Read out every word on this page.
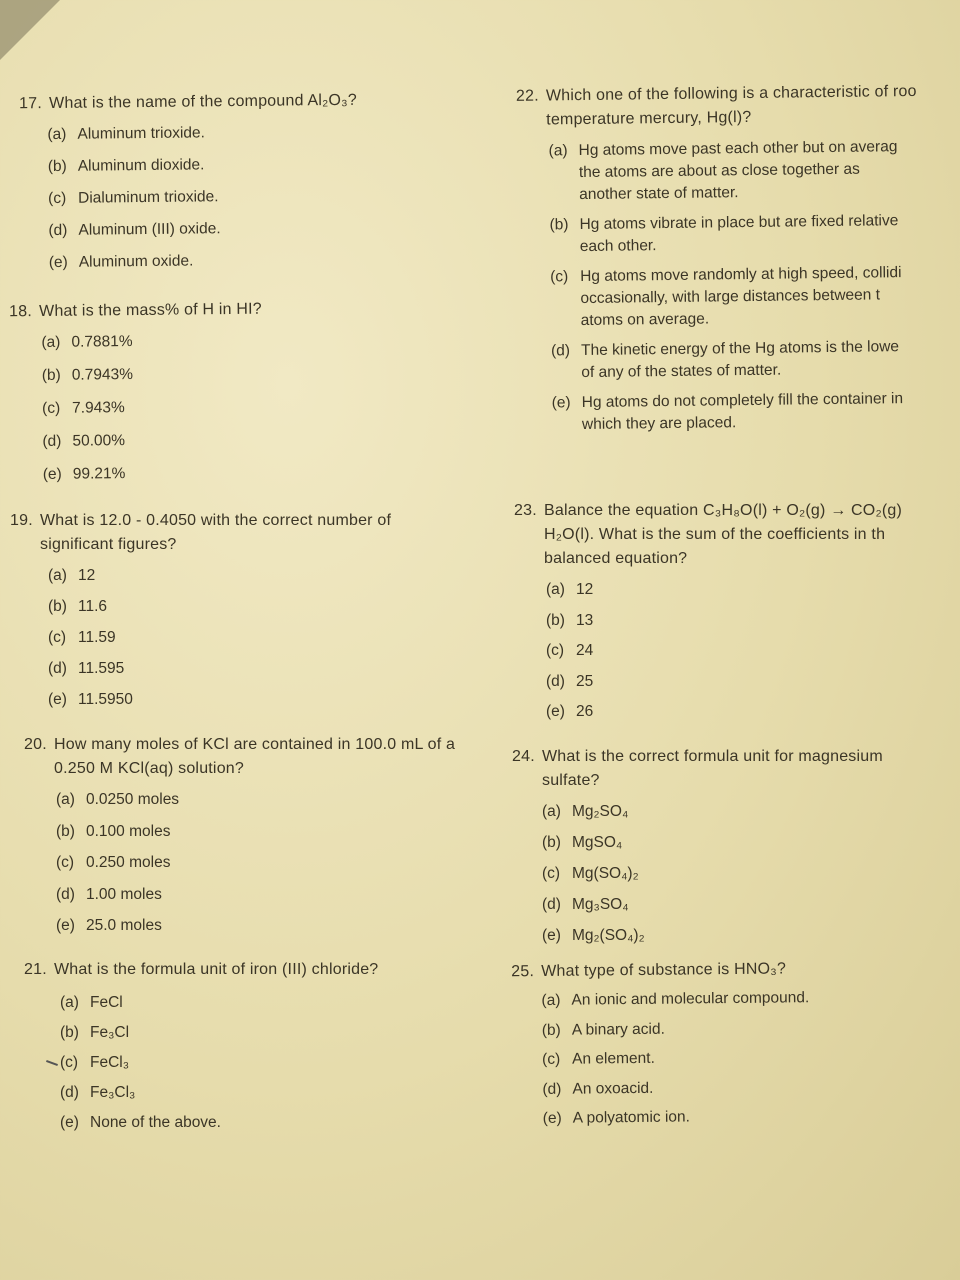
17. What is the name of the compound Al₂O₃?
(a) Aluminum trioxide.
(b) Aluminum dioxide.
(c) Dialuminum trioxide.
(d) Aluminum (III) oxide.
(e) Aluminum oxide.
18. What is the mass% of H in HI?
(a) 0.7881%
(b) 0.7943%
(c) 7.943%
(d) 50.00%
(e) 99.21%
19. What is 12.0 - 0.4050 with the correct number of
significant figures?
(a) 12
(b) 11.6
(c) 11.59
(d) 11.595
(e) 11.5950
20. How many moles of KCl are contained in 100.0 mL of a
0.250 M KCl(aq) solution?
(a) 0.0250 moles
(b) 0.100 moles
(c) 0.250 moles
(d) 1.00 moles
(e) 25.0 moles
21. What is the formula unit of iron (III) chloride?
(a) FeCl
(b) Fe₃Cl
(c) FeCl₃
(d) Fe₃Cl₃
(e) None of the above.
22. Which one of the following is a characteristic of roo
temperature mercury, Hg(l)?
(a) Hg atoms move past each other but on averag
the atoms are about as close together as
another state of matter.
(b) Hg atoms vibrate in place but are fixed relative
each other.
(c) Hg atoms move randomly at high speed, collidi
occasionally, with large distances between t
atoms on average.
(d) The kinetic energy of the Hg atoms is the lowe
of any of the states of matter.
(e) Hg atoms do not completely fill the container in
which they are placed.
23. Balance the equation C₃H₈O(l) + O₂(g) → CO₂(g)
H₂O(l). What is the sum of the coefficients in th
balanced equation?
(a) 12
(b) 13
(c) 24
(d) 25
(e) 26
24. What is the correct formula unit for magnesium
sulfate?
(a) Mg₂SO₄
(b) MgSO₄
(c) Mg(SO₄)₂
(d) Mg₃SO₄
(e) Mg₂(SO₄)₂
25. What type of substance is HNO₃?
(a) An ionic and molecular compound.
(b) A binary acid.
(c) An element.
(d) An oxoacid.
(e) A polyatomic ion.
